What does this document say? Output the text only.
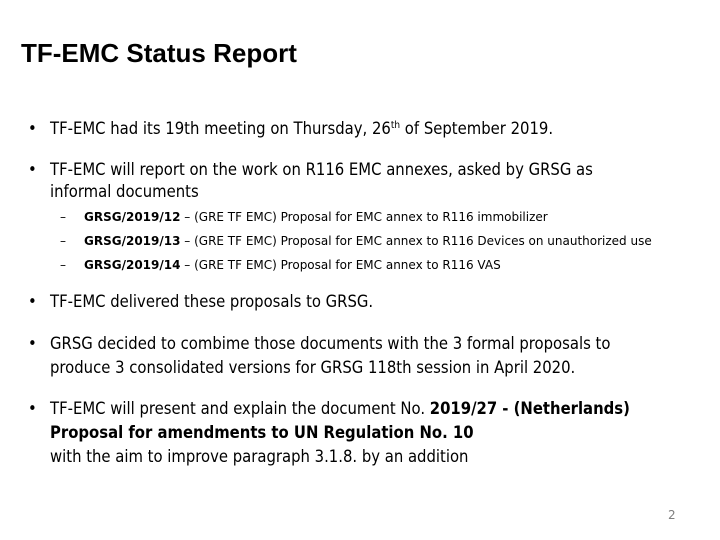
TF-EMC Status Report
• TF-EMC had its 19th meeting on Thursday, 26th of September 2019.
• TF-EMC will report on the work on R116 EMC annexes, asked by GRSG as
informal documents
– GRSG/2019/12 – (GRE TF EMC) Proposal for EMC annex to R116 immobilizer
– GRSG/2019/13 – (GRE TF EMC) Proposal for EMC annex to R116 Devices on unauthorized use
– GRSG/2019/14 – (GRE TF EMC) Proposal for EMC annex to R116 VAS
• TF-EMC delivered these proposals to GRSG.
• GRSG decided to combime those documents with the 3 formal proposals to
produce 3 consolidated versions for GRSG 118th session in April 2020.
• TF-EMC will present and explain the document No. 2019/27 - (Netherlands)
Proposal for amendments to UN Regulation No. 10
with the aim to improve paragraph 3.1.8. by an addition
2
